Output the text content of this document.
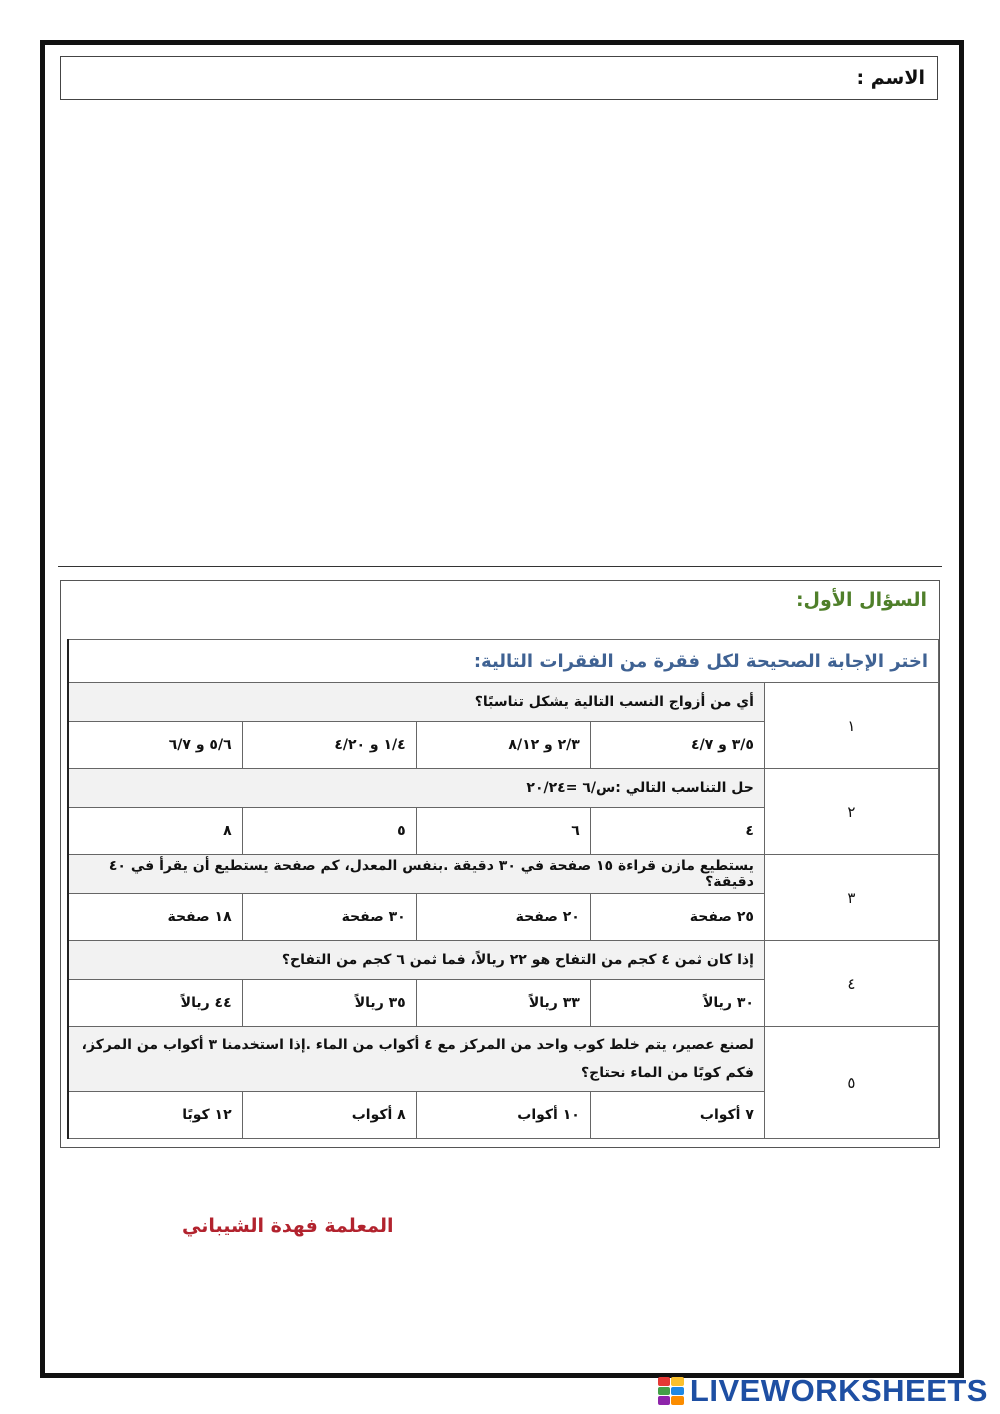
الاسم :
السؤال الأول:
اختر الإجابة الصحيحة لكل فقرة من الفقرات التالية:				
١	أي من أزواج النسب التالية يشكل تناسبًا؟			
	٣/٥ و ٤/٧	٢/٣ و ٨/١٢	١/٤ و ٤/٢٠	٥/٦ و ٦/٧
٢	حل التناسب التالي :س/٦ =٢٠/٢٤			
	٤	٦	٥	٨
٣	يستطيع مازن قراءة ١٥ صفحة في ٣٠ دقيقة .بنفس المعدل، كم صفحة يستطيع أن يقرأ في ٤٠ دقيقة؟			
	٢٥ صفحة	٢٠ صفحة	٣٠ صفحة	١٨ صفحة
٤	إذا كان ثمن ٤ كجم من التفاح هو ٢٢ ريالاً، فما ثمن ٦ كجم من التفاح؟			
	٣٠ ريالاً	٣٣ ريالاً	٣٥ ريالاً	٤٤ ريالاً
٥	لصنع عصير، يتم خلط كوب واحد من المركز مع ٤ أكواب من الماء .إذا استخدمنا ٣ أكواب من المركز، فكم كوبًا من الماء نحتاج؟			
	٧ أكواب	١٠ أكواب	٨ أكواب	١٢ كوبًا
المعلمة فهدة الشيباني
LIVEWORKSHEETS
